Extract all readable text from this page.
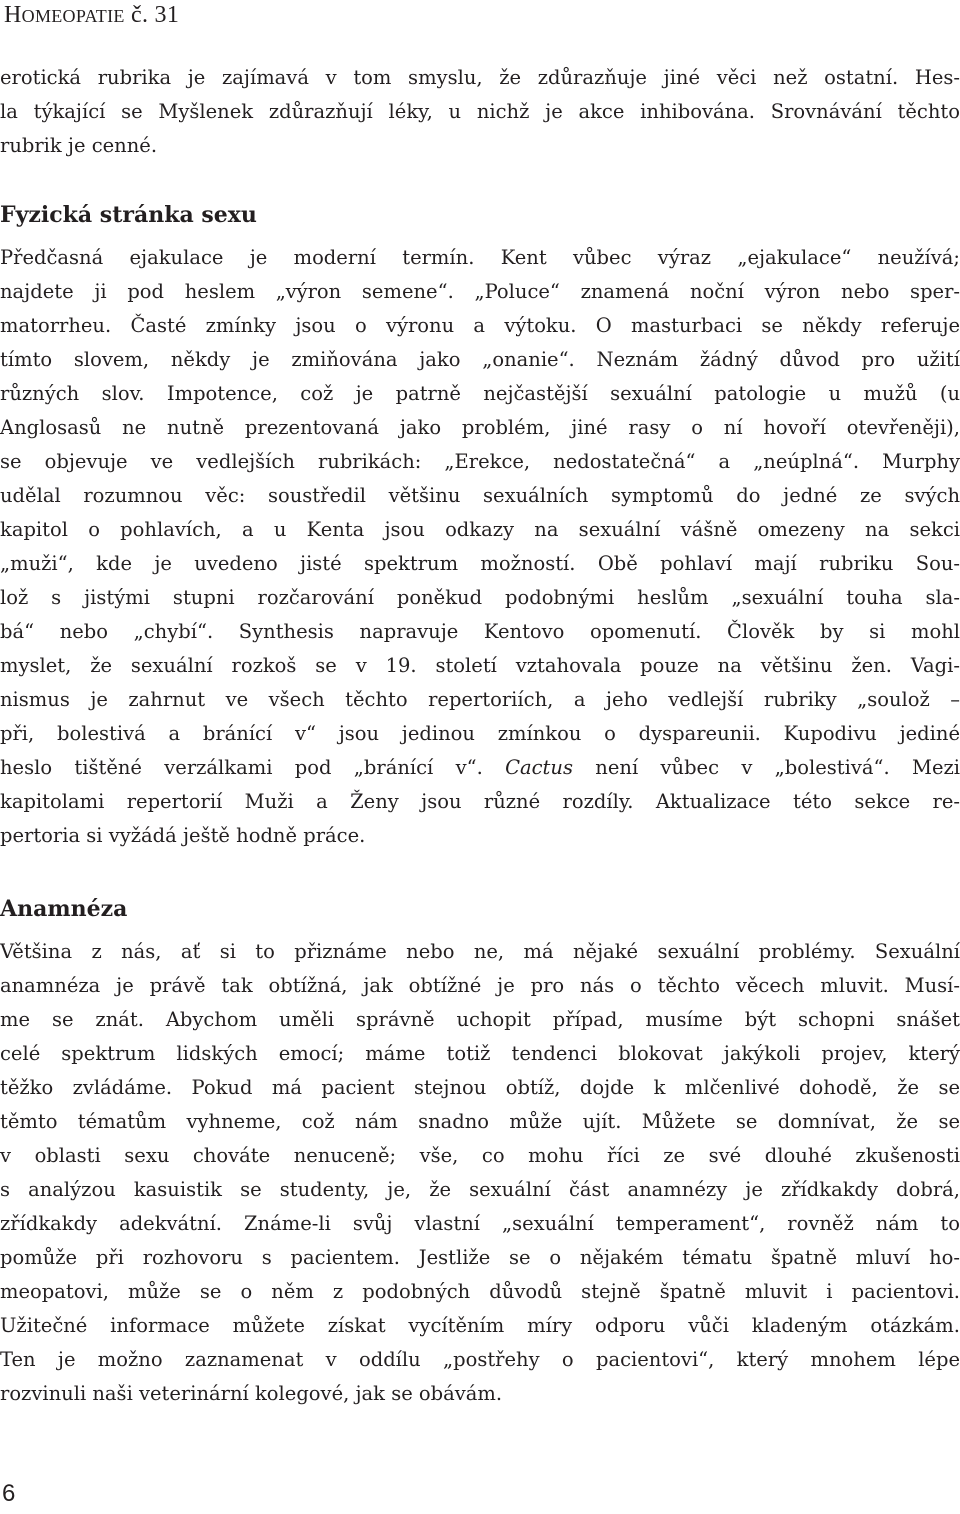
HOMEOPATIE č. 31
erotická rubrika je zajímavá v tom smyslu, že zdůrazňuje jiné věci než ostatní. Hes-
la týkající se Myšlenek zdůrazňují léky, u nichž je akce inhibována. Srovnávání těchto
rubrik je cenné.
Fyzická stránka sexu
Předčasná ejakulace je moderní termín. Kent vůbec výraz „ejakulace“ neužívá;
najdete ji pod heslem „výron semene“. „Poluce“ znamená noční výron nebo sper-
matorrheu. Časté zmínky jsou o výronu a výtoku. O masturbaci se někdy referuje
tímto slovem, někdy je zmiňována jako „onanie“. Neznám žádný důvod pro užití
různých slov. Impotence, což je patrně nejčastější sexuální patologie u mužů (u
Anglosasů ne nutně prezentovaná jako problém, jiné rasy o ní hovoří otevřeněji),
se objevuje ve vedlejších rubrikách: „Erekce, nedostatečná“ a „neúplná“. Murphy
udělal rozumnou věc: soustředil většinu sexuálních symptomů do jedné ze svých
kapitol o pohlavích, a u Kenta jsou odkazy na sexuální vášně omezeny na sekci
„muži“, kde je uvedeno jisté spektrum možností. Obě pohlaví mají rubriku Sou-
lož s jistými stupni rozčarování poněkud podobnými heslům „sexuální touha sla-
bá“ nebo „chybí“. Synthesis napravuje Kentovo opomenutí. Člověk by si mohl
myslet, že sexuální rozkoš se v 19. století vztahovala pouze na většinu žen. Vagi-
nismus je zahrnut ve všech těchto repertoriích, a jeho vedlejší rubriky „soulož –
při, bolestivá a bránící v“ jsou jedinou zmínkou o dyspareunii. Kupodivu jediné
heslo tištěné verzálkami pod „bránící v“. Cactus není vůbec v „bolestivá“. Mezi
kapitolami repertorií Muži a Ženy jsou různé rozdíly. Aktualizace této sekce re-
pertoria si vyžádá ještě hodně práce.
Anamnéza
Většina z nás, ať si to přiznáme nebo ne, má nějaké sexuální problémy. Sexuální
anamnéza je právě tak obtížná, jak obtížné je pro nás o těchto věcech mluvit. Musí-
me se znát. Abychom uměli správně uchopit případ, musíme být schopni snášet
celé spektrum lidských emocí; máme totiž tendenci blokovat jakýkoli projev, který
těžko zvládáme. Pokud má pacient stejnou obtíž, dojde k mlčenlivé dohodě, že se
těmto tématům vyhneme, což nám snadno může ujít. Můžete se domnívat, že se
v oblasti sexu chováte nenuceně; vše, co mohu říci ze své dlouhé zkušenosti
s analýzou kasuistik se studenty, je, že sexuální část anamnézy je zřídkakdy dobrá,
zřídkakdy adekvátní. Známe-li svůj vlastní „sexuální temperament“, rovněž nám to
pomůže při rozhovoru s pacientem. Jestliže se o nějakém tématu špatně mluví ho-
meopatovi, může se o něm z podobných důvodů stejně špatně mluvit i pacientovi.
Užitečné informace můžete získat vycítěním míry odporu vůči kladeným otázkám.
Ten je možno zaznamenat v oddílu „postřehy o pacientovi“, který mnohem lépe
rozvinuli naši veterinární kolegové, jak se obávám.
6
